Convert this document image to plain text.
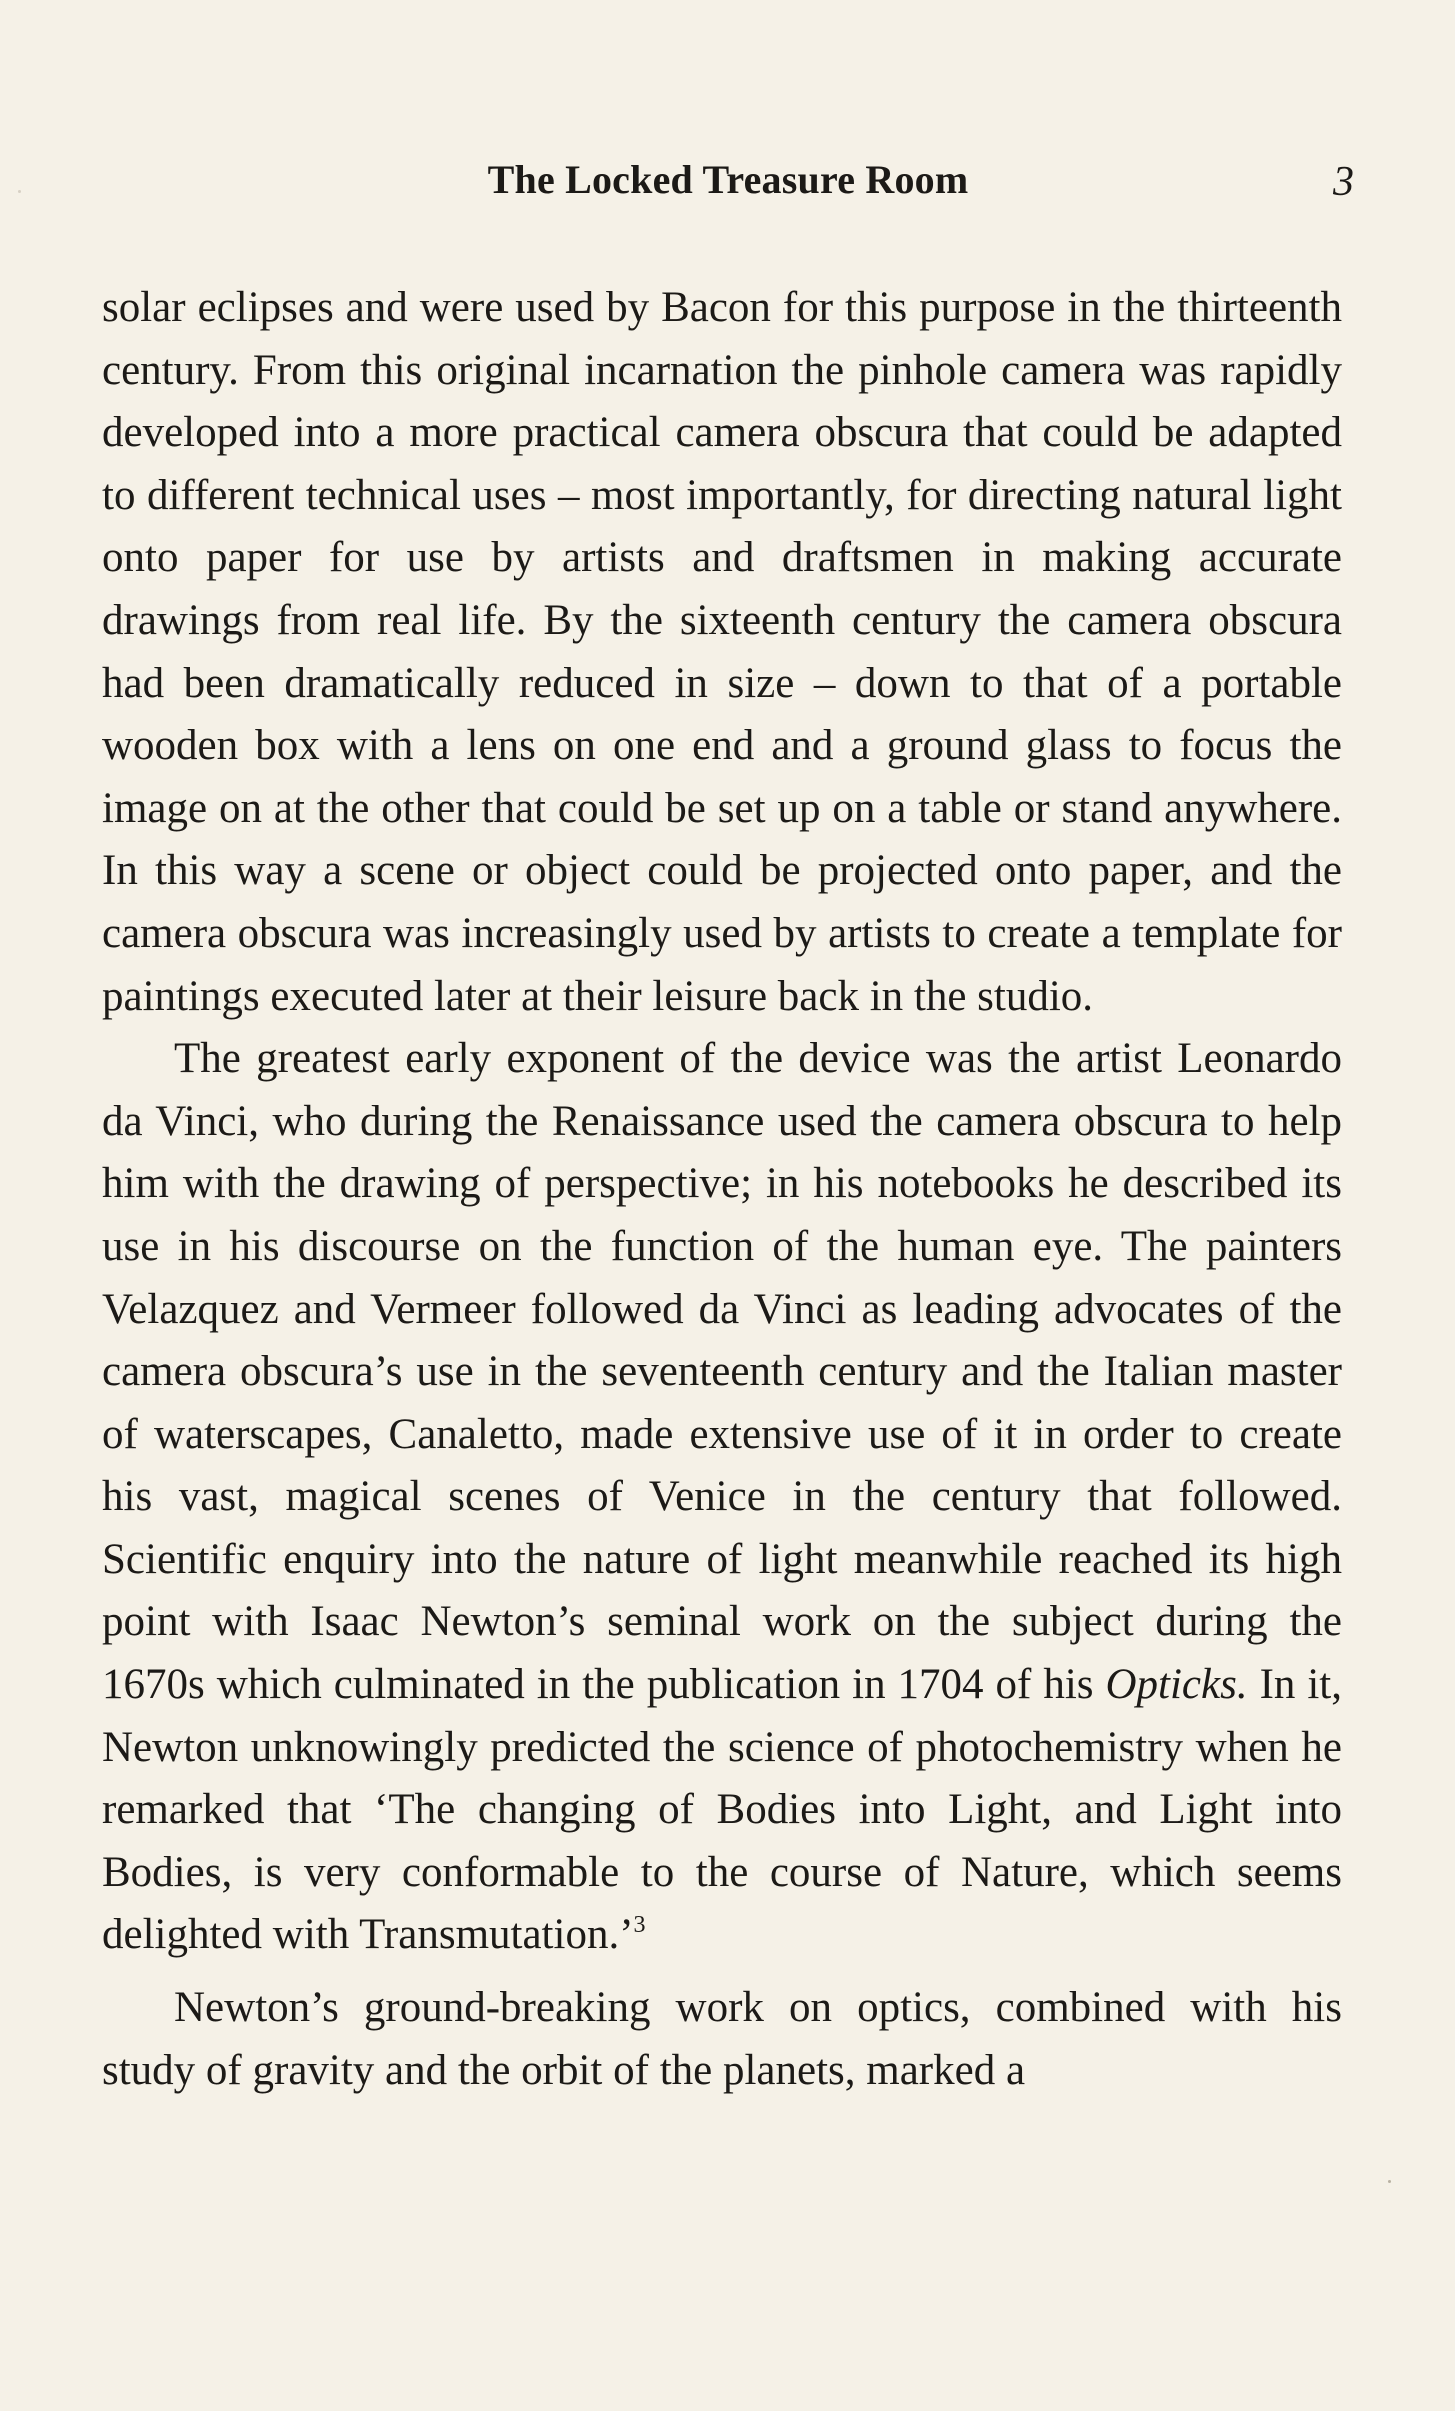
The Locked Treasure Room	3

solar eclipses and were used by Bacon for this purpose in the thirteenth century. From this original incarnation the pinhole camera was rapidly developed into a more practical camera obscura that could be adapted to different technical uses – most importantly, for directing natural light onto paper for use by artists and draftsmen in making accurate drawings from real life. By the sixteenth century the camera obscura had been dramatically reduced in size – down to that of a portable wooden box with a lens on one end and a ground glass to focus the image on at the other that could be set up on a table or stand anywhere. In this way a scene or object could be projected onto paper, and the camera obscura was increasingly used by artists to create a template for paintings executed later at their leisure back in the studio.

The greatest early exponent of the device was the artist Leonardo da Vinci, who during the Renaissance used the camera obscura to help him with the drawing of perspective; in his notebooks he described its use in his discourse on the function of the human eye. The painters Velazquez and Vermeer followed da Vinci as leading advocates of the camera obscura’s use in the seventeenth century and the Italian master of waterscapes, Canaletto, made extensive use of it in order to create his vast, magical scenes of Venice in the century that followed. Scientific enquiry into the nature of light meanwhile reached its high point with Isaac Newton’s seminal work on the subject during the 1670s which culminated in the publication in 1704 of his Opticks. In it, Newton unknowingly predicted the science of photochemistry when he remarked that ‘The changing of Bodies into Light, and Light into Bodies, is very conformable to the course of Nature, which seems delighted with Transmutation.’$^3$

Newton’s ground-breaking work on optics, combined with his study of gravity and the orbit of the planets, marked a
